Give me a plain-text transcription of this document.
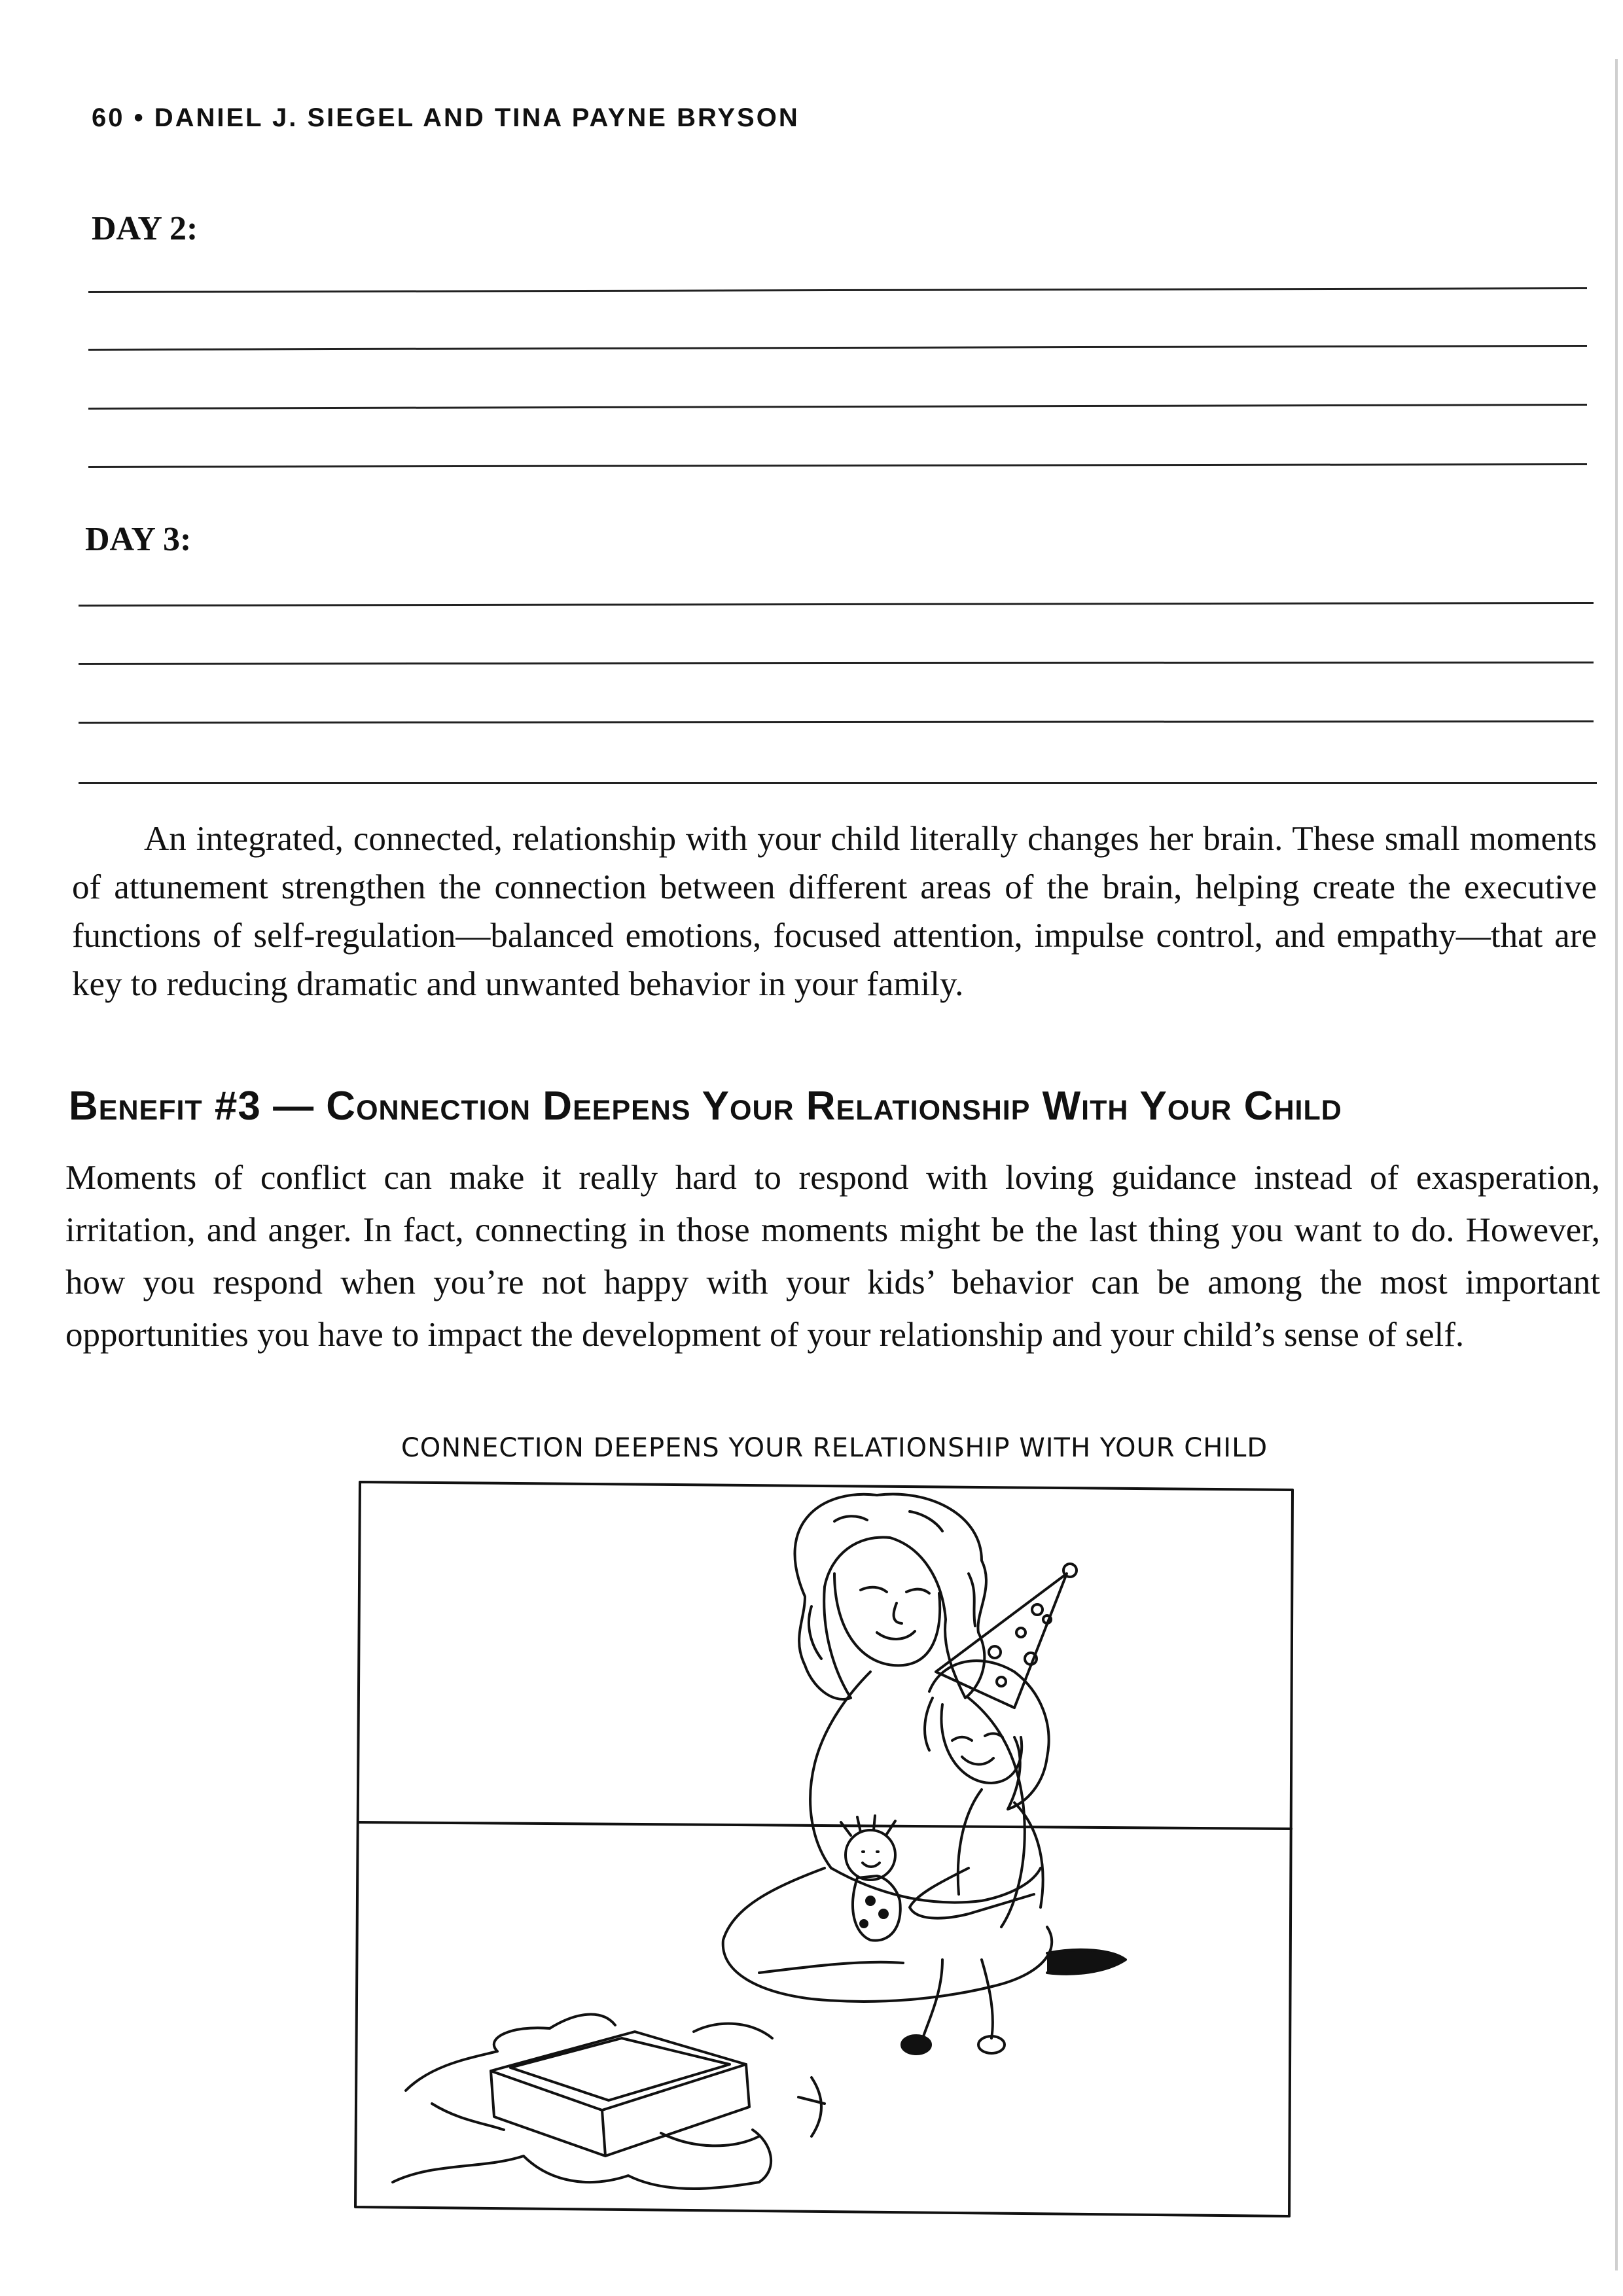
60 • DANIEL J. SIEGEL AND TINA PAYNE BRYSON
DAY 2:
DAY 3:

An integrated, connected, relationship with your child literally changes her brain. These small moments of attunement strengthen the connection between different areas of the brain, helping create the executive functions of self-regulation—balanced emotions, focused attention, impulse control, and empathy—that are key to reducing dramatic and unwanted behavior in your family.

Benefit #3 — Connection Deepens Your Relationship With Your Child

Moments of conflict can make it really hard to respond with loving guidance instead of exasperation, irritation, and anger. In fact, connecting in those moments might be the last thing you want to do. However, how you respond when you’re not happy with your kids’ behavior can be among the most important opportunities you have to impact the development of your relationship and your child’s sense of self.

CONNECTION DEEPENS YOUR RELATIONSHIP WITH YOUR CHILD
